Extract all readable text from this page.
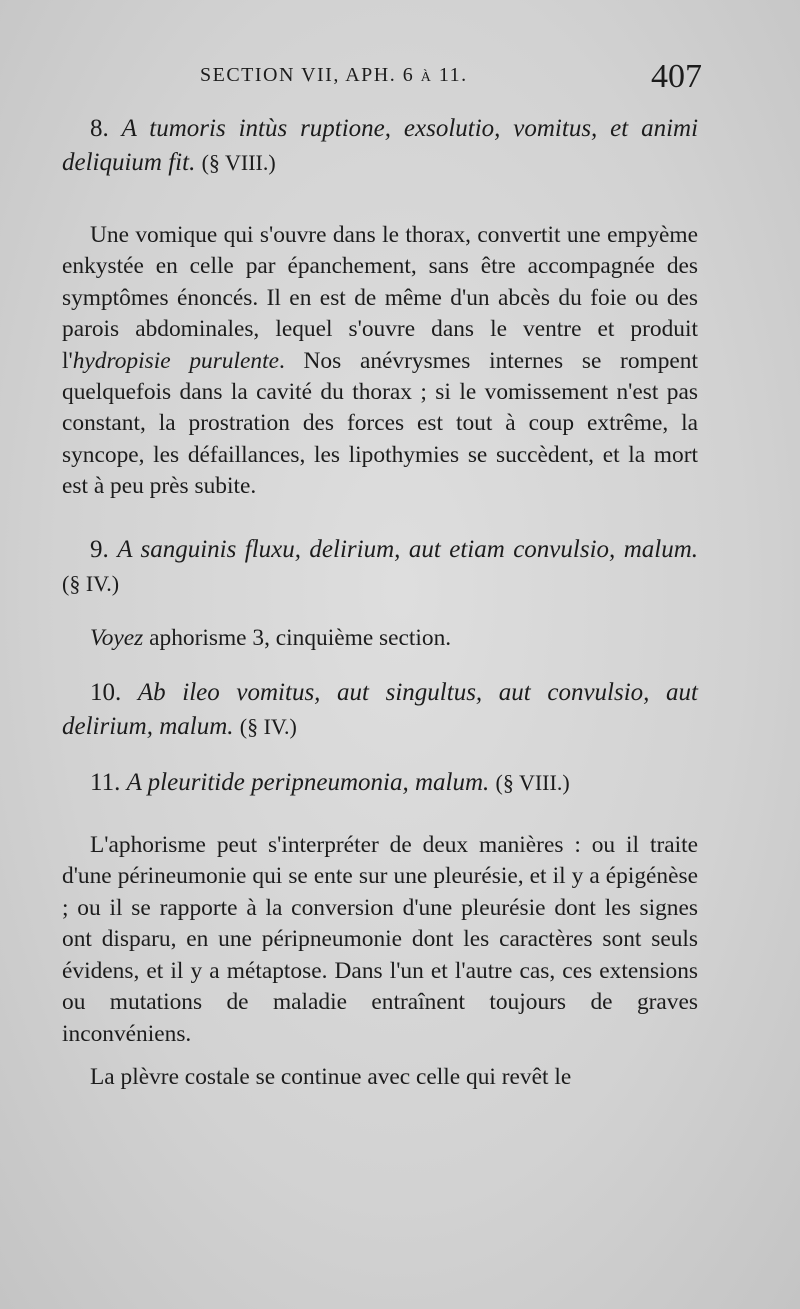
SECTION VII, APH. 6 à 11.	407

8. A tumoris intùs ruptione, exsolutio, vomitus, et animi deliquium fit. (§ VIII.)

Une vomique qui s'ouvre dans le thorax, convertit une empyème enkystée en celle par épanchement, sans être accompagnée des symptômes énoncés. Il en est de même d'un abcès du foie ou des parois abdominales, lequel s'ouvre dans le ventre et produit l'hydropisie purulente. Nos anévrysmes internes se rompent quelquefois dans la cavité du thorax ; si le vomissement n'est pas constant, la prostration des forces est tout à coup extrême, la syncope, les défaillances, les lipothymies se succèdent, et la mort est à peu près subite.

9. A sanguinis fluxu, delirium, aut etiam convulsio, malum. (§ IV.)

Voyez aphorisme 3, cinquième section.

10. Ab ileo vomitus, aut singultus, aut convulsio, aut delirium, malum. (§ IV.)

11. A pleuritide peripneumonia, malum. (§ VIII.)

L'aphorisme peut s'interpréter de deux manières : ou il traite d'une périneumonie qui se ente sur une pleurésie, et il y a épigénèse ; ou il se rapporte à la conversion d'une pleurésie dont les signes ont disparu, en une péripneumonie dont les caractères sont seuls évidens, et il y a métaptose. Dans l'un et l'autre cas, ces extensions ou mutations de maladie entraînent toujours de graves inconvéniens.

La plèvre costale se continue avec celle qui revêt le
